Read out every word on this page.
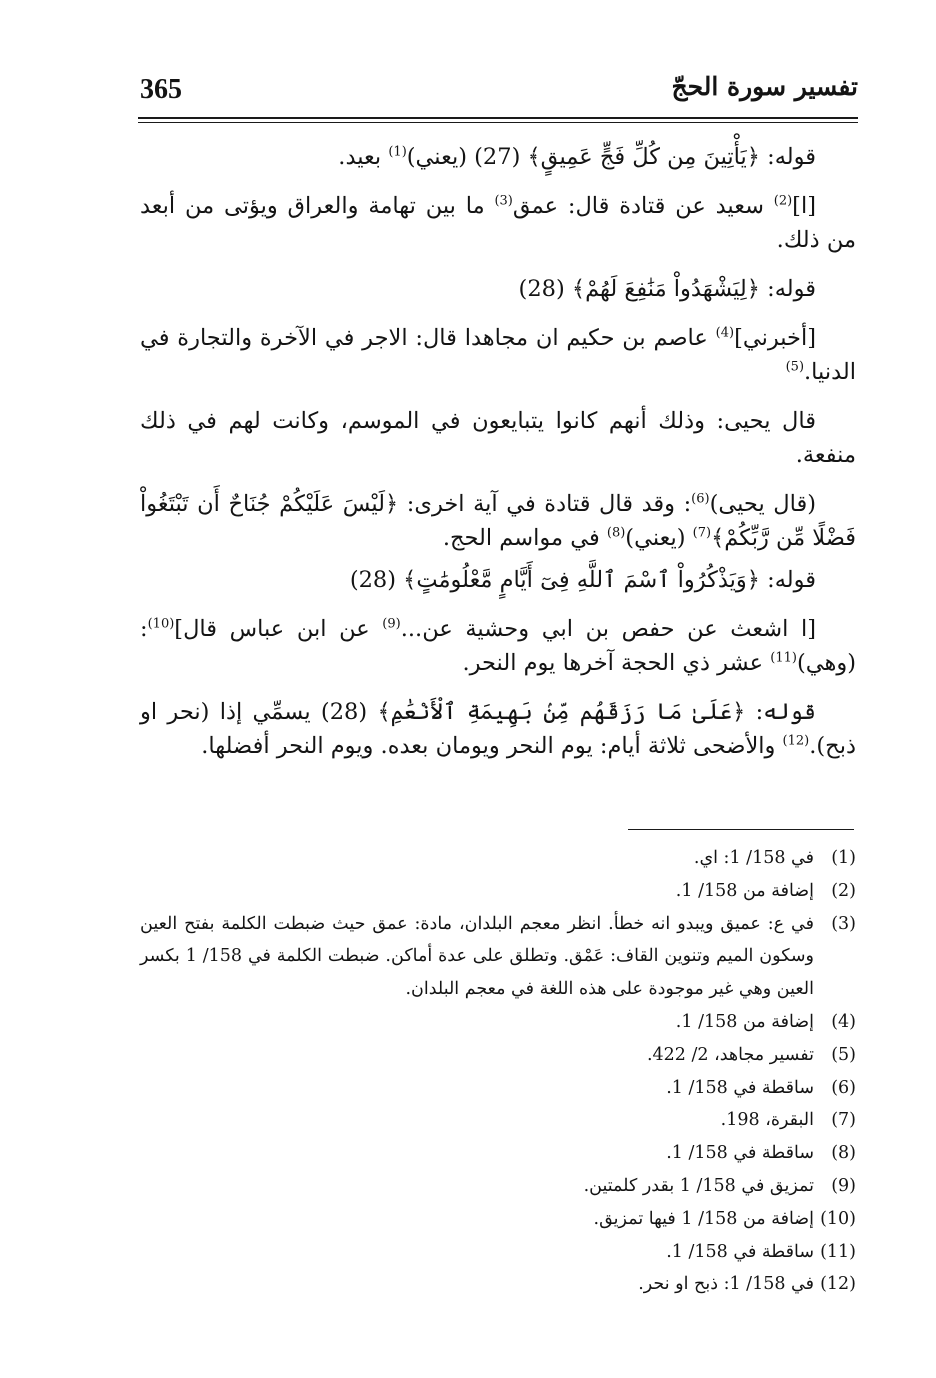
365	تفسير سورة الحجّ

قوله: ﴿يَأْتِينَ مِن كُلِّ فَجٍّ عَمِيقٍ﴾ (27) (يعني)$^{(1)}$ بعيد.

[ا]$^{(2)}$ سعيد عن قتادة قال: عمق$^{(3)}$ ما بين تهامة والعراق ويؤتى من أبعد من ذلك.

قوله: ﴿لِيَشْهَدُواْ مَنَٰفِعَ لَهُمْ﴾ (28)

[أخبرني]$^{(4)}$ عاصم بن حكيم ان مجاهدا قال: الاجر في الآخرة والتجارة في الدنيا.$^{(5)}$

قال يحيى: وذلك أنهم كانوا يتبايعون في الموسم، وكانت لهم في ذلك منفعة.

(قال يحيى)$^{(6)}$: وقد قال قتادة في آية اخرى: ﴿لَيْسَ عَلَيْكُمْ جُنَاحٌ أَن تَبْتَغُواْ فَضْلًا مِّن رَّبِّكُمْ﴾$^{(7)}$ (يعني)$^{(8)}$ في مواسم الحج.

قوله: ﴿وَيَذْكُرُواْ ٱسْمَ ٱللَّهِ فِىٓ أَيَّامٍ مَّعْلُومَٰتٍ﴾ (28)

[ا اشعث عن حفص بن ابي وحشية عن...$^{(9)}$ عن ابن عباس قال]$^{(10)}$: (وهي)$^{(11)}$ عشر ذي الحجة آخرها يوم النحر.

قوله: ﴿عَلَىٰ مَا رَزَقَهُم مِّنۢ بَهِيمَةِ ٱلْأَنْعَٰمِ﴾ (28) يسمِّي إذا (نحر او ذبح).$^{(12)}$ والأضحى ثلاثة أيام: يوم النحر ويومان بعده. ويوم النحر أفضلها.

(1)
في 158/ 1: اي.
(2)
إضافة من 158/ 1.
(3)
في ع: عميق ويبدو انه خطأ. انظر معجم البلدان، مادة: عمق حيث ضبطت الكلمة بفتح العين وسكون الميم وتنوين القاف: عَمْق. وتطلق على عدة أماكن. ضبطت الكلمة في 158/ 1 بكسر العين وهي غير موجودة على هذه اللغة في معجم البلدان.
(4)
إضافة من 158/ 1.
(5)
تفسير مجاهد، 2/ 422.
(6)
ساقطة في 158/ 1.
(7)
البقرة، 198.
(8)
ساقطة في 158/ 1.
(9)
تمزيق في 158/ 1 بقدر كلمتين.
(10)
إضافة من 158/ 1 فيها تمزيق.
(11)
ساقطة في 158/ 1.
(12)
في 158/ 1: ذبح او نحر.
